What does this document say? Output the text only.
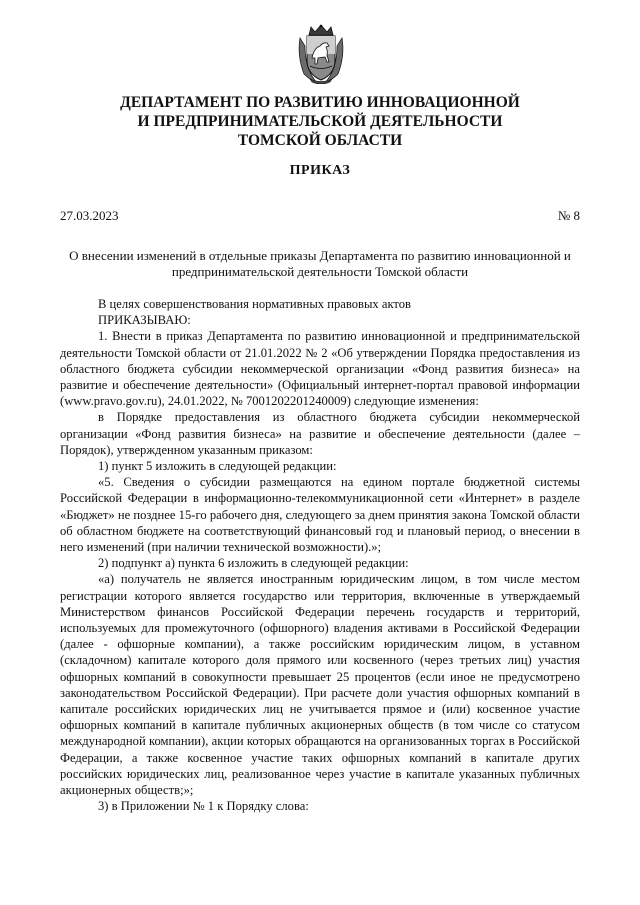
ДЕПАРТАМЕНТ ПО РАЗВИТИЮ ИННОВАЦИОННОЙ
И ПРЕДПРИНИМАТЕЛЬСКОЙ ДЕЯТЕЛЬНОСТИ
ТОМСКОЙ ОБЛАСТИ
ПРИКАЗ
27.03.2023	№ 8
О внесении изменений в отдельные приказы Департамента по развитию инновационной и предпринимательской деятельности Томской области

В целях совершенствования нормативных правовых актов

ПРИКАЗЫВАЮ:

1. Внести в приказ Департамента по развитию инновационной и предпринимательской деятельности Томской области от 21.01.2022 № 2 «Об утверждении Порядка предоставления из областного бюджета субсидии некоммерческой организации «Фонд развития бизнеса» на развитие и обеспечение деятельности» (Официальный интернет-портал правовой информации (www.pravo.gov.ru), 24.01.2022, № 7001202201240009) следующие изменения:

в Порядке предоставления из областного бюджета субсидии некоммерческой организации «Фонд развития бизнеса» на развитие и обеспечение деятельности (далее – Порядок), утвержденном указанным приказом:

1) пункт 5 изложить в следующей редакции:

«5. Сведения о субсидии размещаются на едином портале бюджетной системы Российской Федерации в информационно-телекоммуникационной сети «Интернет» в разделе «Бюджет» не позднее 15-го рабочего дня, следующего за днем принятия закона Томской области об областном бюджете на соответствующий финансовый год и плановый период, о внесении в него изменений (при наличии технической возможности).»;

2) подпункт а) пункта 6 изложить в следующей редакции:

«а) получатель не является иностранным юридическим лицом, в том числе местом регистрации которого является государство или территория, включенные в утверждаемый Министерством финансов Российской Федерации перечень государств и территорий, используемых для промежуточного (офшорного) владения активами в Российской Федерации (далее - офшорные компании), а также российским юридическим лицом, в уставном (складочном) капитале которого доля прямого или косвенного (через третьих лиц) участия офшорных компаний в совокупности превышает 25 процентов (если иное не предусмотрено законодательством Российской Федерации). При расчете доли участия офшорных компаний в капитале российских юридических лиц не учитывается прямое и (или) косвенное участие офшорных компаний в капитале публичных акционерных обществ (в том числе со статусом международной компании), акции которых обращаются на организованных торгах в Российской Федерации, а также косвенное участие таких офшорных компаний в капитале других российских юридических лиц, реализованное через участие в капитале указанных публичных акционерных обществ;»;

3) в Приложении № 1 к Порядку слова:
